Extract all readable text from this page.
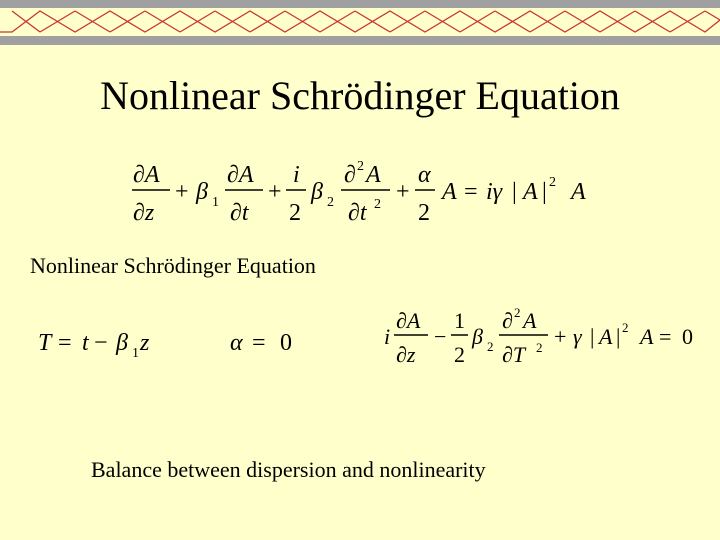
Nonlinear Schrödinger Equation
∂A
∂z
+ β 1
∂A
∂t
+
i
2
β 2
∂ 2 A
∂t 2 +
α
2
A = iγ | A | 2 A
Nonlinear Schrödinger Equation
T = t − β 1 z	α = 0	i
∂A
∂z
−
1
2
β 2
∂ 2 A
∂T 2 + γ | A | 2 A = 0
Balance between dispersion and nonlinearity
